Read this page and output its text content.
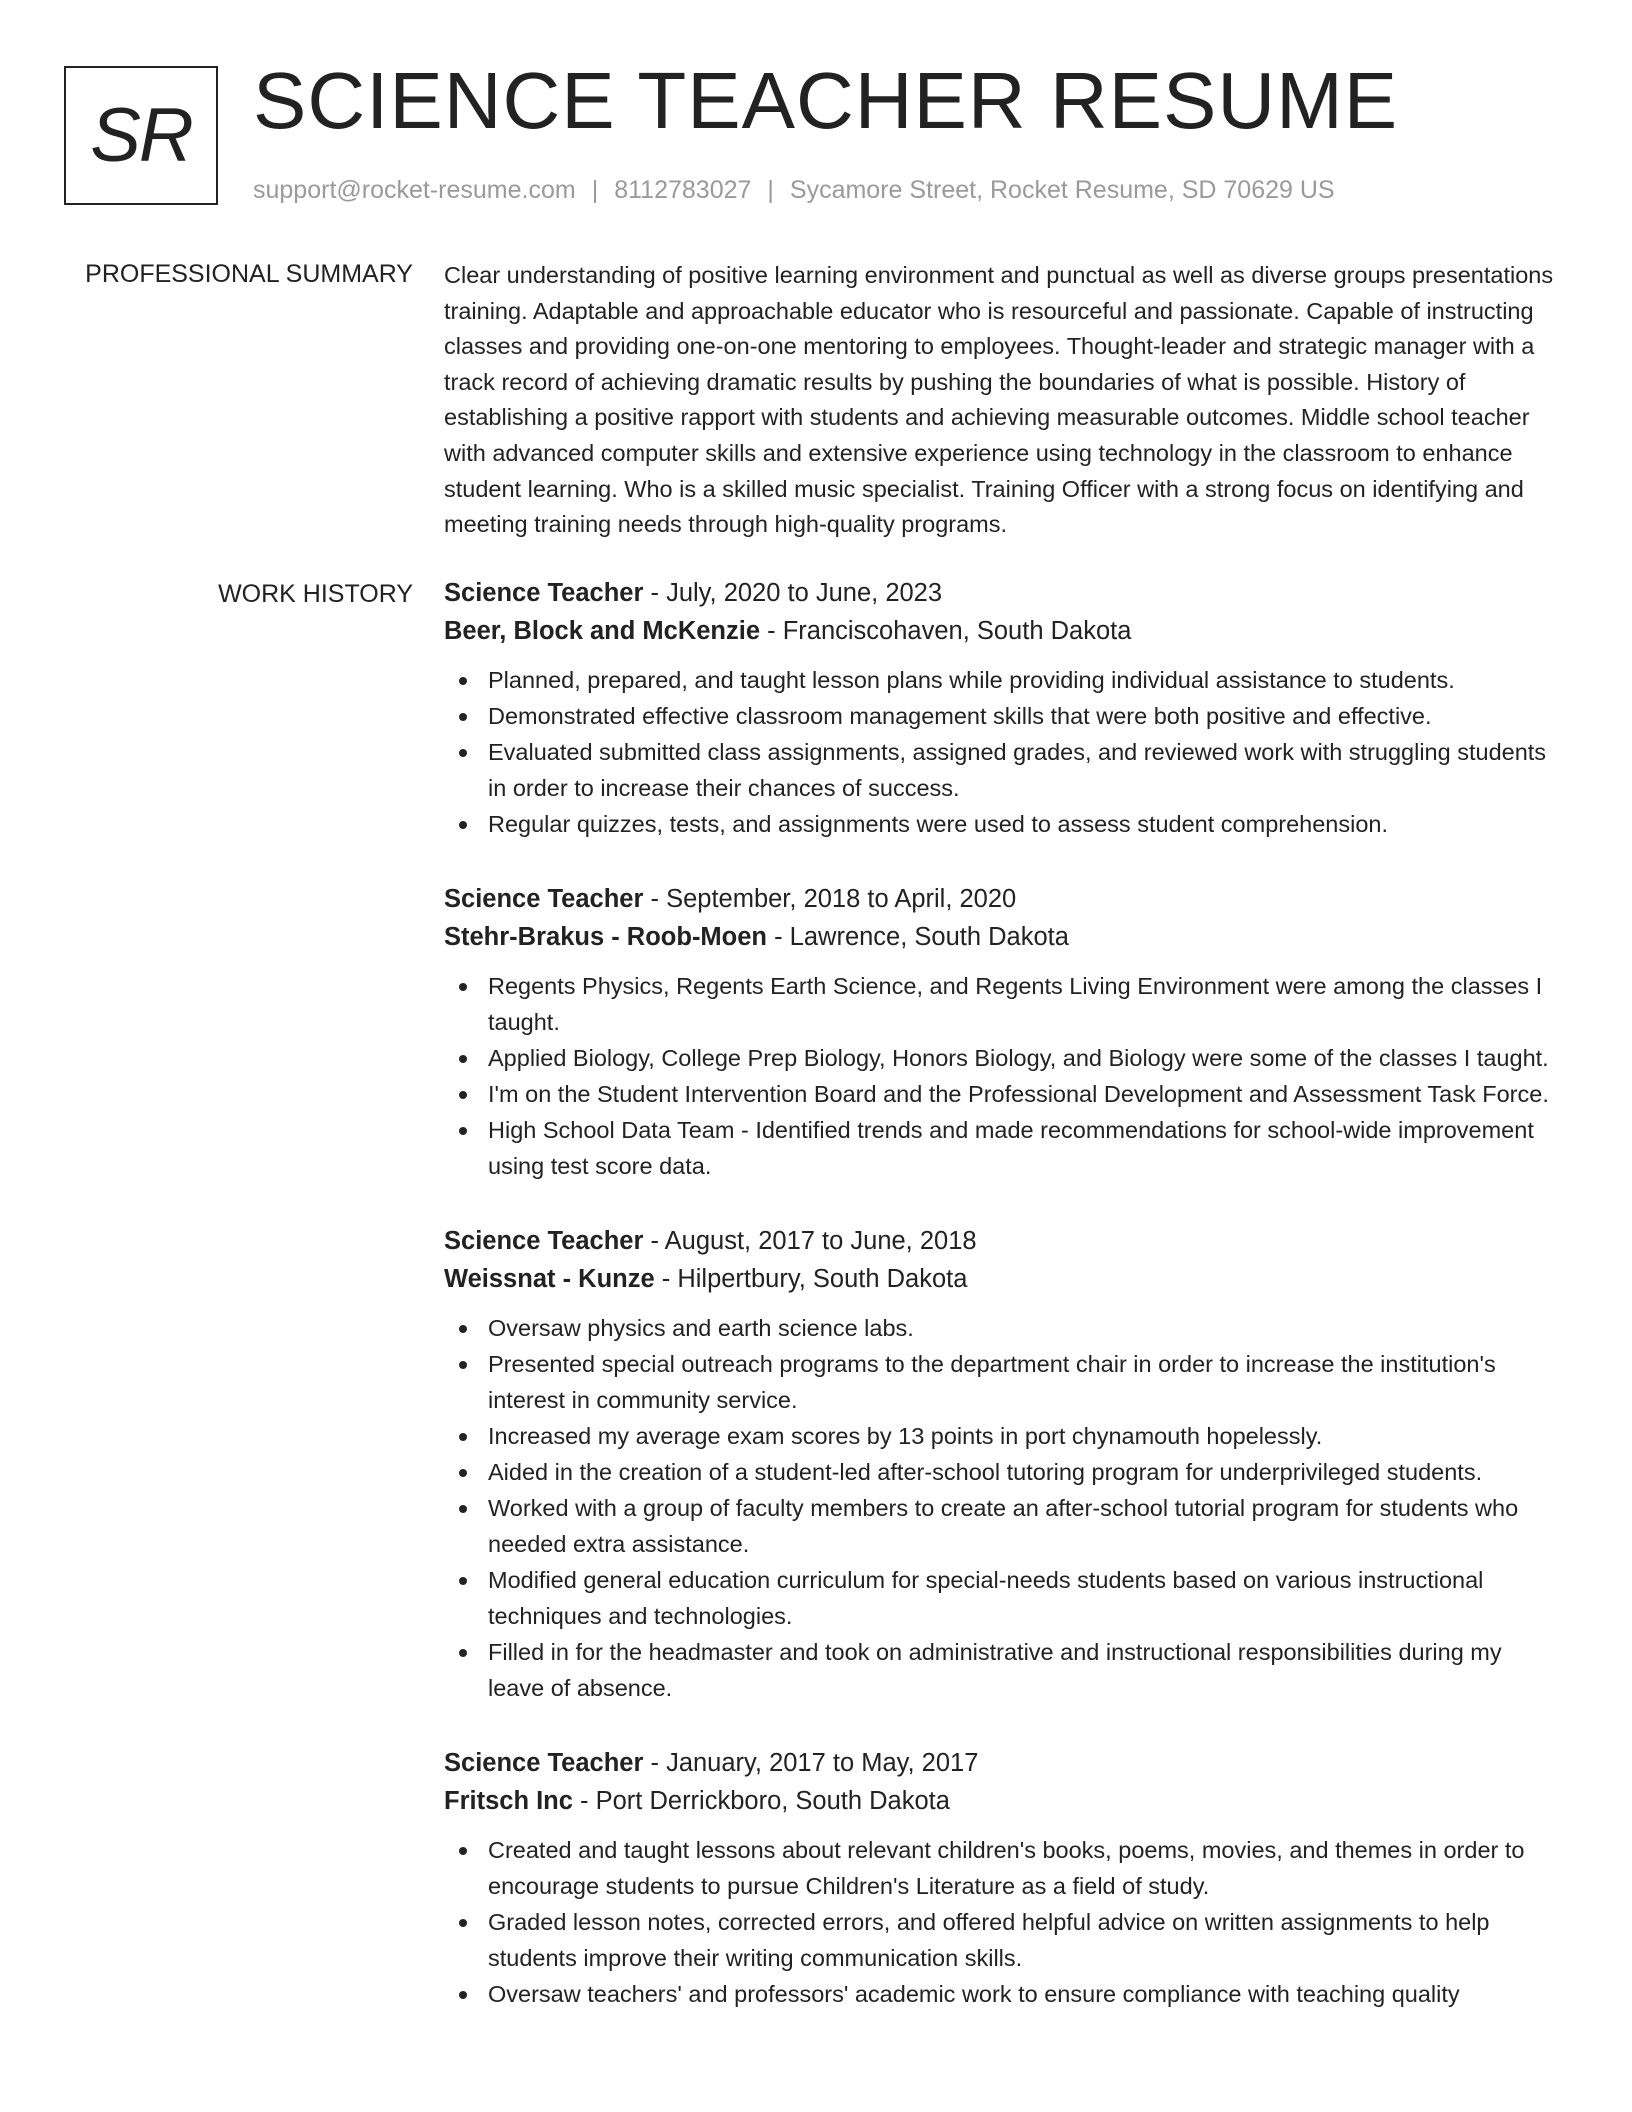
SR SCIENCE TEACHER RESUME
support@rocket-resume.com | 8112783027 | Sycamore Street, Rocket Resume, SD 70629 US
PROFESSIONAL SUMMARY Clear understanding of positive learning environment and punctual as well as diverse groups presentations training. Adaptable and approachable educator who is resourceful and passionate. Capable of instructing classes and providing one-on-one mentoring to employees. Thought-leader and strategic manager with a track record of achieving dramatic results by pushing the boundaries of what is possible. History of establishing a positive rapport with students and achieving measurable outcomes. Middle school teacher with advanced computer skills and extensive experience using technology in the classroom to enhance student learning. Who is a skilled music specialist. Training Officer with a strong focus on identifying and meeting training needs through high-quality programs.

WORK HISTORY Science Teacher - July, 2020 to June, 2023
Beer, Block and McKenzie - Franciscohaven, South Dakota
Planned, prepared, and taught lesson plans while providing individual assistance to students.
Demonstrated effective classroom management skills that were both positive and effective.
Evaluated submitted class assignments, assigned grades, and reviewed work with struggling students in order to increase their chances of success.
Regular quizzes, tests, and assignments were used to assess student comprehension.
Science Teacher - September, 2018 to April, 2020
Stehr-Brakus - Roob-Moen - Lawrence, South Dakota
Regents Physics, Regents Earth Science, and Regents Living Environment were among the classes I taught.
Applied Biology, College Prep Biology, Honors Biology, and Biology were some of the classes I taught.
I'm on the Student Intervention Board and the Professional Development and Assessment Task Force.
High School Data Team - Identified trends and made recommendations for school-wide improvement using test score data.
Science Teacher - August, 2017 to June, 2018
Weissnat - Kunze - Hilpertbury, South Dakota
Oversaw physics and earth science labs.
Presented special outreach programs to the department chair in order to increase the institution's interest in community service.
Increased my average exam scores by 13 points in port chynamouth hopelessly.
Aided in the creation of a student-led after-school tutoring program for underprivileged students.
Worked with a group of faculty members to create an after-school tutorial program for students who needed extra assistance.
Modified general education curriculum for special-needs students based on various instructional techniques and technologies.
Filled in for the headmaster and took on administrative and instructional responsibilities during my leave of absence.
Science Teacher - January, 2017 to May, 2017
Fritsch Inc - Port Derrickboro, South Dakota
Created and taught lessons about relevant children's books, poems, movies, and themes in order to encourage students to pursue Children's Literature as a field of study.
Graded lesson notes, corrected errors, and offered helpful advice on written assignments to help students improve their writing communication skills.
Oversaw teachers' and professors' academic work to ensure compliance with teaching quality
